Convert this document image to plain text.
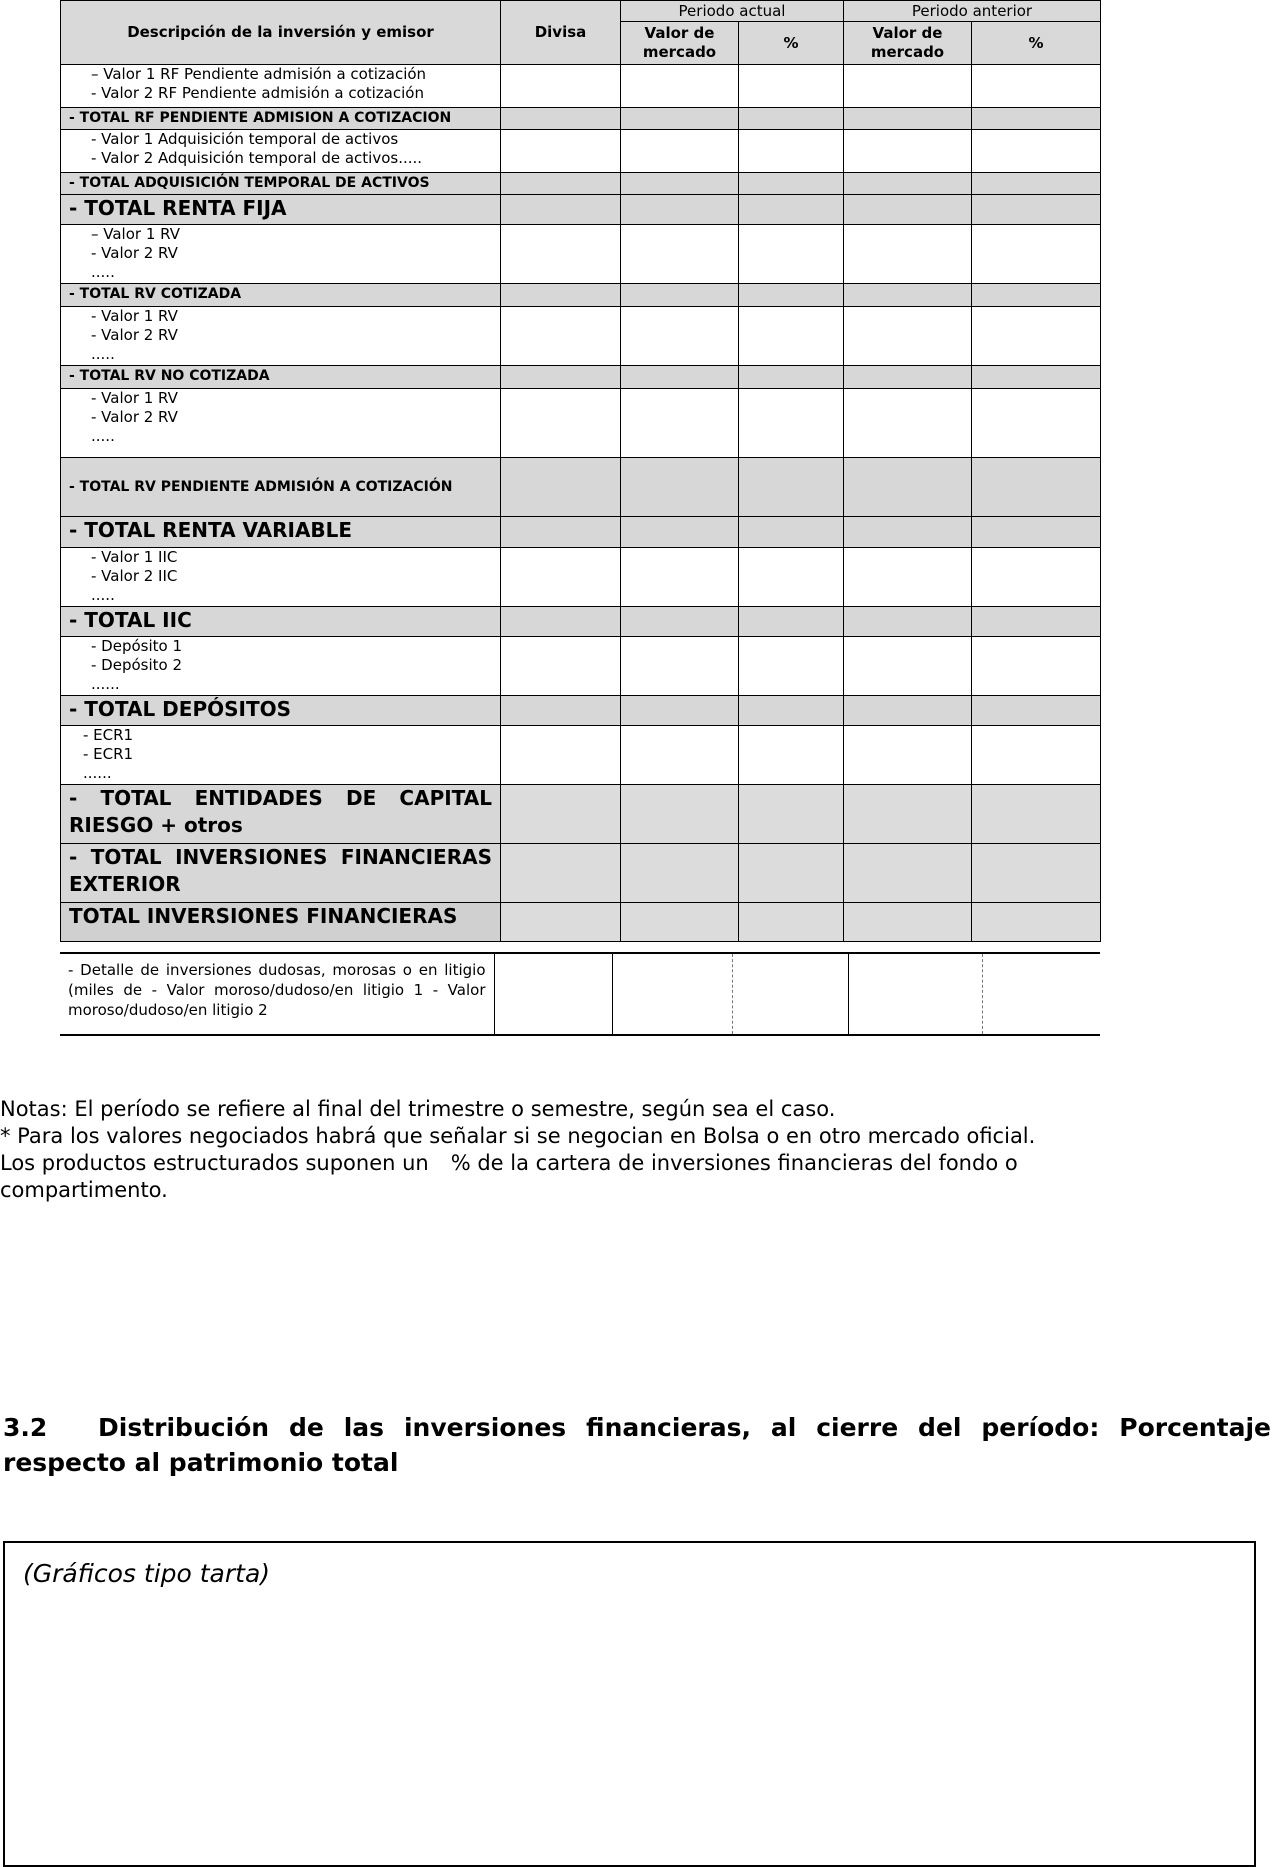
Descripción de la inversión y emisor	Divisa	Periodo actual		Periodo anterior	
		Valor de mercado	%	Valor de mercado	%

– Valor 1 RF Pendiente admisión a cotización
- Valor 2 RF Pendiente admisión a cotización					

- TOTAL RF PENDIENTE ADMISION A COTIZACION					

- Valor 1 Adquisición temporal de activos
- Valor 2 Adquisición temporal de activos.....					

- TOTAL ADQUISICIÓN TEMPORAL DE ACTIVOS					
- TOTAL RENTA FIJA					

– Valor 1 RV
- Valor 2 RV
.....					

- TOTAL RV COTIZADA					

- Valor 1 RV
- Valor 2 RV
.....					

- TOTAL RV NO COTIZADA					

- Valor 1 RV
- Valor 2 RV
.....					

- TOTAL RV PENDIENTE ADMISIÓN A COTIZACIÓN					
- TOTAL RENTA VARIABLE					

- Valor 1 IIC
- Valor 2 IIC
.....					

- TOTAL IIC					

- Depósito 1
- Depósito 2
......					

- TOTAL DEPÓSITOS					

- ECR1
- ECR1
......					

- TOTAL ENTIDADES DE CAPITAL RIESGO + otros					
- TOTAL INVERSIONES FINANCIERAS EXTERIOR					
TOTAL INVERSIONES FINANCIERAS					
- Detalle de inversiones dudosas, morosas o en litigio (miles de - Valor moroso/dudoso/en litigio 1 - Valor moroso/dudoso/en litigio 2					
Notas: El período se refiere al final del trimestre o semestre, según sea el caso.
* Para los valores negociados habrá que señalar si se negocian en Bolsa o en otro mercado oficial.
Los productos estructurados suponen un % de la cartera de inversiones financieras del fondo o
compartimento.
3.2 Distribución de las inversiones financieras, al cierre del período: Porcentaje respecto al patrimonio total
(Gráficos tipo tarta)
